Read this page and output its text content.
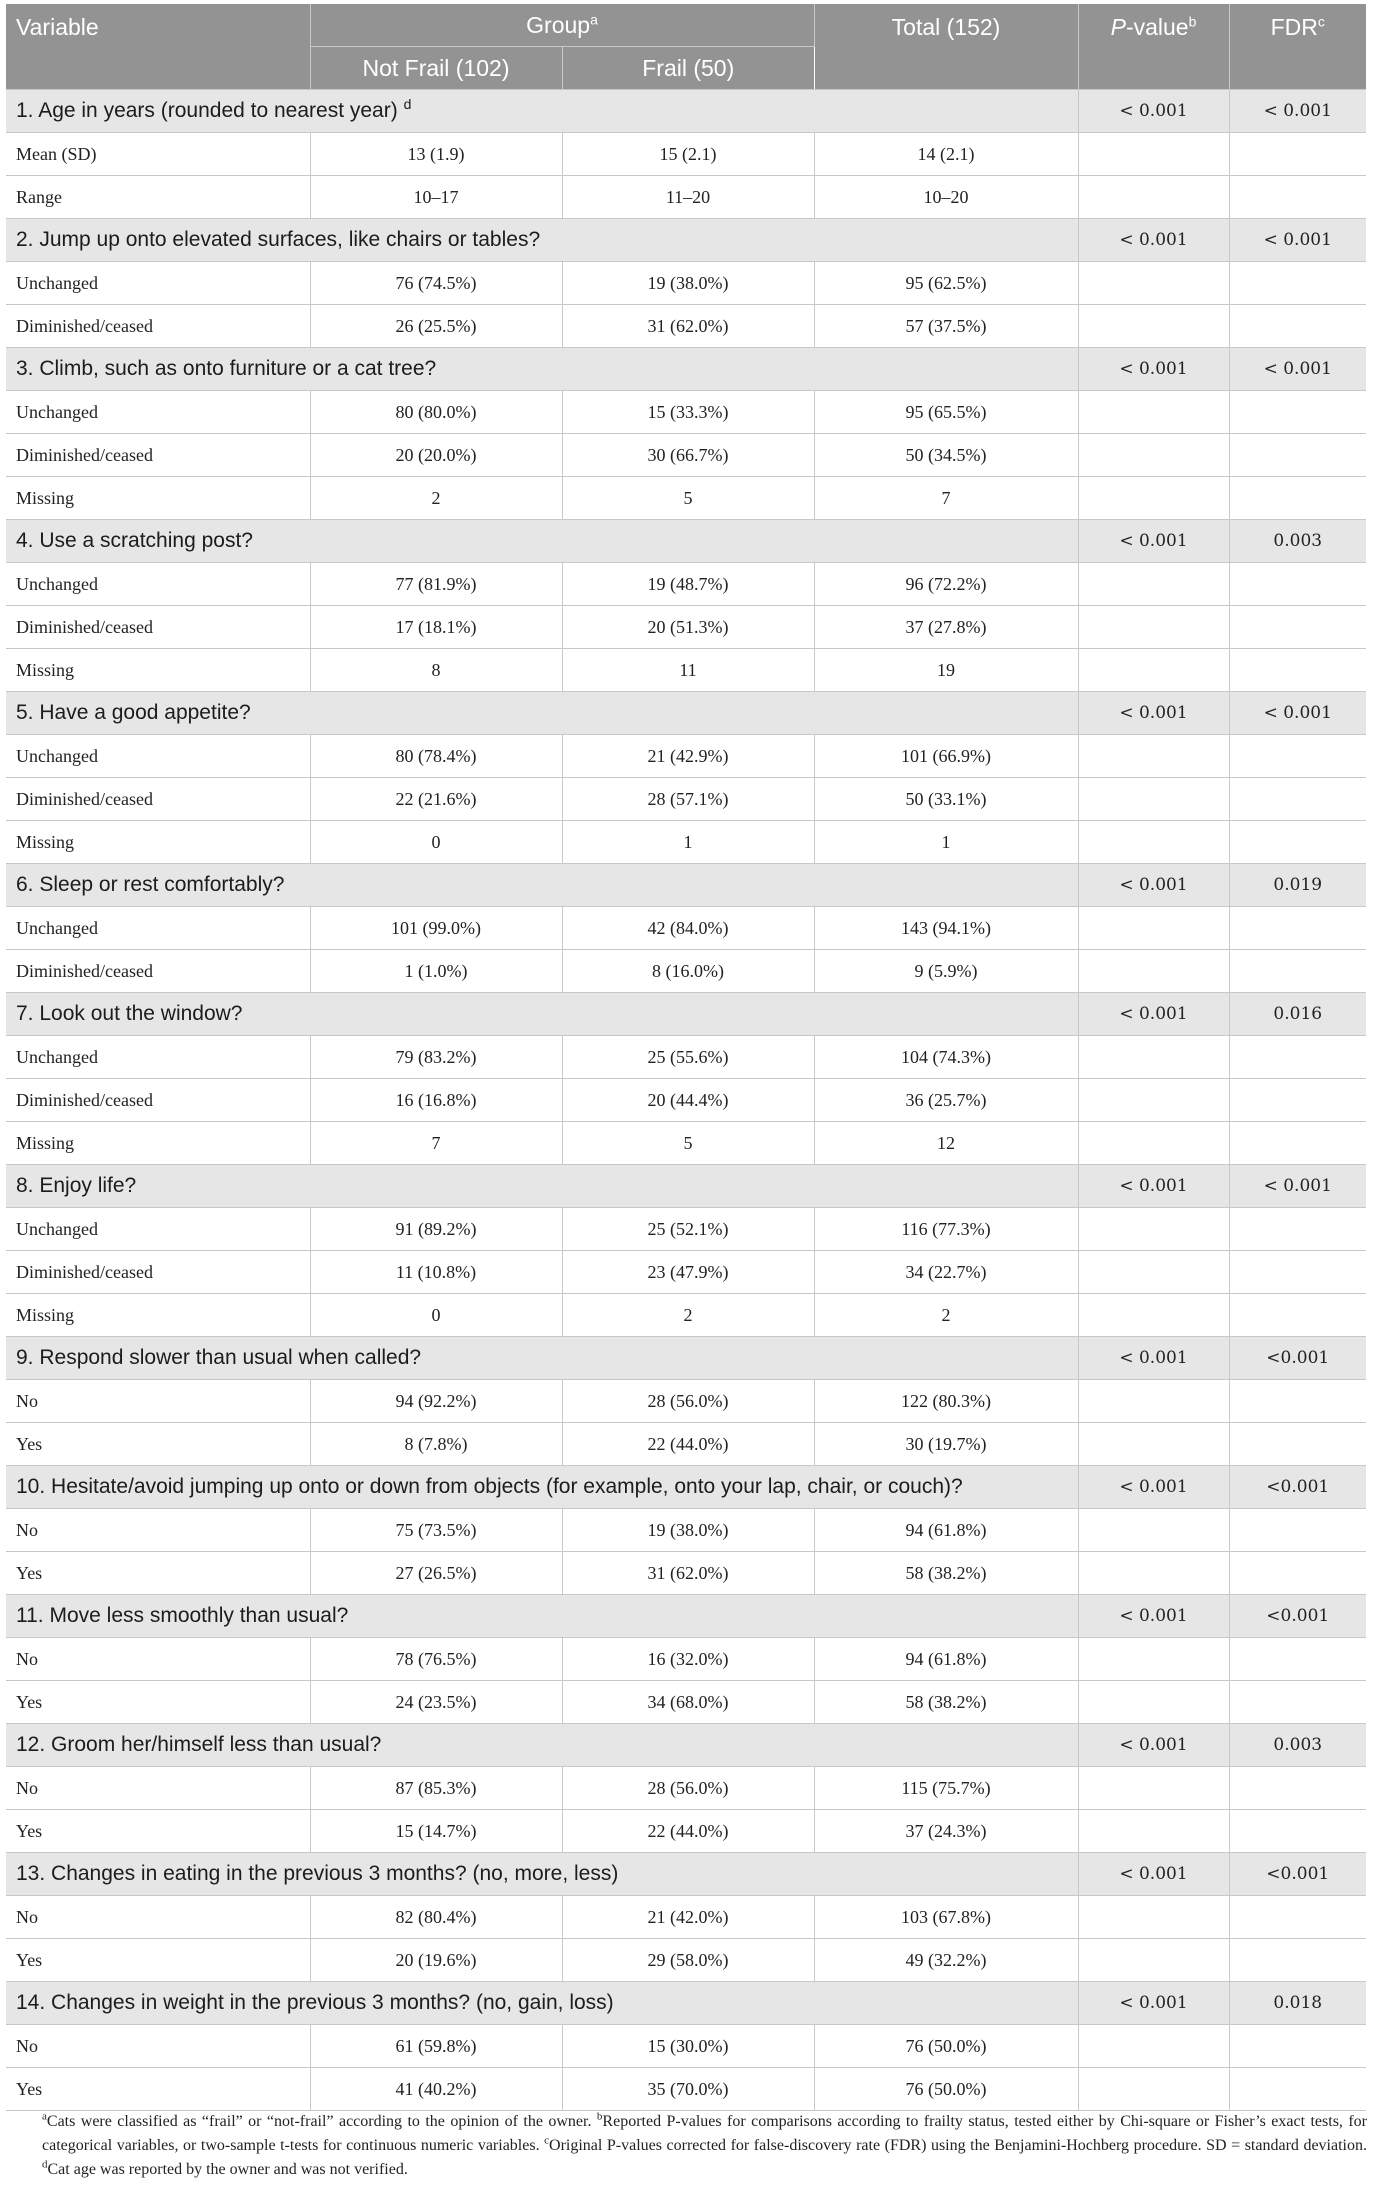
Variable	Group$^a$		Total (152)	P-value$^b$	FDR$^c$
	Not Frail (102)	Frail (50)			
1. Age in years (rounded to nearest year) $^d$				< 0.001	< 0.001
Mean (SD)	13 (1.9)	15 (2.1)	14 (2.1)		
Range	10–17	11–20	10–20		
2. Jump up onto elevated surfaces, like chairs or tables?				< 0.001	< 0.001
Unchanged	76 (74.5%)	19 (38.0%)	95 (62.5%)		
Diminished/ceased	26 (25.5%)	31 (62.0%)	57 (37.5%)		
3. Climb, such as onto furniture or a cat tree?				< 0.001	< 0.001
Unchanged	80 (80.0%)	15 (33.3%)	95 (65.5%)		
Diminished/ceased	20 (20.0%)	30 (66.7%)	50 (34.5%)		
Missing	2	5	7		
4. Use a scratching post?				< 0.001	0.003
Unchanged	77 (81.9%)	19 (48.7%)	96 (72.2%)		
Diminished/ceased	17 (18.1%)	20 (51.3%)	37 (27.8%)		
Missing	8	11	19		
5. Have a good appetite?				< 0.001	< 0.001
Unchanged	80 (78.4%)	21 (42.9%)	101 (66.9%)		
Diminished/ceased	22 (21.6%)	28 (57.1%)	50 (33.1%)		
Missing	0	1	1		
6. Sleep or rest comfortably?				< 0.001	0.019
Unchanged	101 (99.0%)	42 (84.0%)	143 (94.1%)		
Diminished/ceased	1 (1.0%)	8 (16.0%)	9 (5.9%)		
7. Look out the window?				< 0.001	0.016
Unchanged	79 (83.2%)	25 (55.6%)	104 (74.3%)		
Diminished/ceased	16 (16.8%)	20 (44.4%)	36 (25.7%)		
Missing	7	5	12		
8. Enjoy life?				< 0.001	< 0.001
Unchanged	91 (89.2%)	25 (52.1%)	116 (77.3%)		
Diminished/ceased	11 (10.8%)	23 (47.9%)	34 (22.7%)		
Missing	0	2	2		
9. Respond slower than usual when called?				< 0.001	<0.001
No	94 (92.2%)	28 (56.0%)	122 (80.3%)		
Yes	8 (7.8%)	22 (44.0%)	30 (19.7%)		
10. Hesitate/avoid jumping up onto or down from objects (for example, onto your lap, chair, or couch)?				< 0.001	<0.001
No	75 (73.5%)	19 (38.0%)	94 (61.8%)		
Yes	27 (26.5%)	31 (62.0%)	58 (38.2%)		
11. Move less smoothly than usual?				< 0.001	<0.001
No	78 (76.5%)	16 (32.0%)	94 (61.8%)		
Yes	24 (23.5%)	34 (68.0%)	58 (38.2%)		
12. Groom her/himself less than usual?				< 0.001	0.003
No	87 (85.3%)	28 (56.0%)	115 (75.7%)		
Yes	15 (14.7%)	22 (44.0%)	37 (24.3%)		
13. Changes in eating in the previous 3 months? (no, more, less)				< 0.001	<0.001
No	82 (80.4%)	21 (42.0%)	103 (67.8%)		
Yes	20 (19.6%)	29 (58.0%)	49 (32.2%)		
14. Changes in weight in the previous 3 months? (no, gain, loss)				< 0.001	0.018
No	61 (59.8%)	15 (30.0%)	76 (50.0%)		
Yes	41 (40.2%)	35 (70.0%)	76 (50.0%)		
$^a$Cats were classified as “frail” or “not-frail” according to the opinion of the owner. $^b$Reported P-values for comparisons according to frailty status, tested either by Chi-square or Fisher’s exact tests, for categorical variables, or two-sample t-tests for continuous numeric variables. $^c$Original P-values corrected for false-discovery rate (FDR) using the Benjamini-Hochberg procedure. SD = standard deviation. $^d$Cat age was reported by the owner and was not verified.
